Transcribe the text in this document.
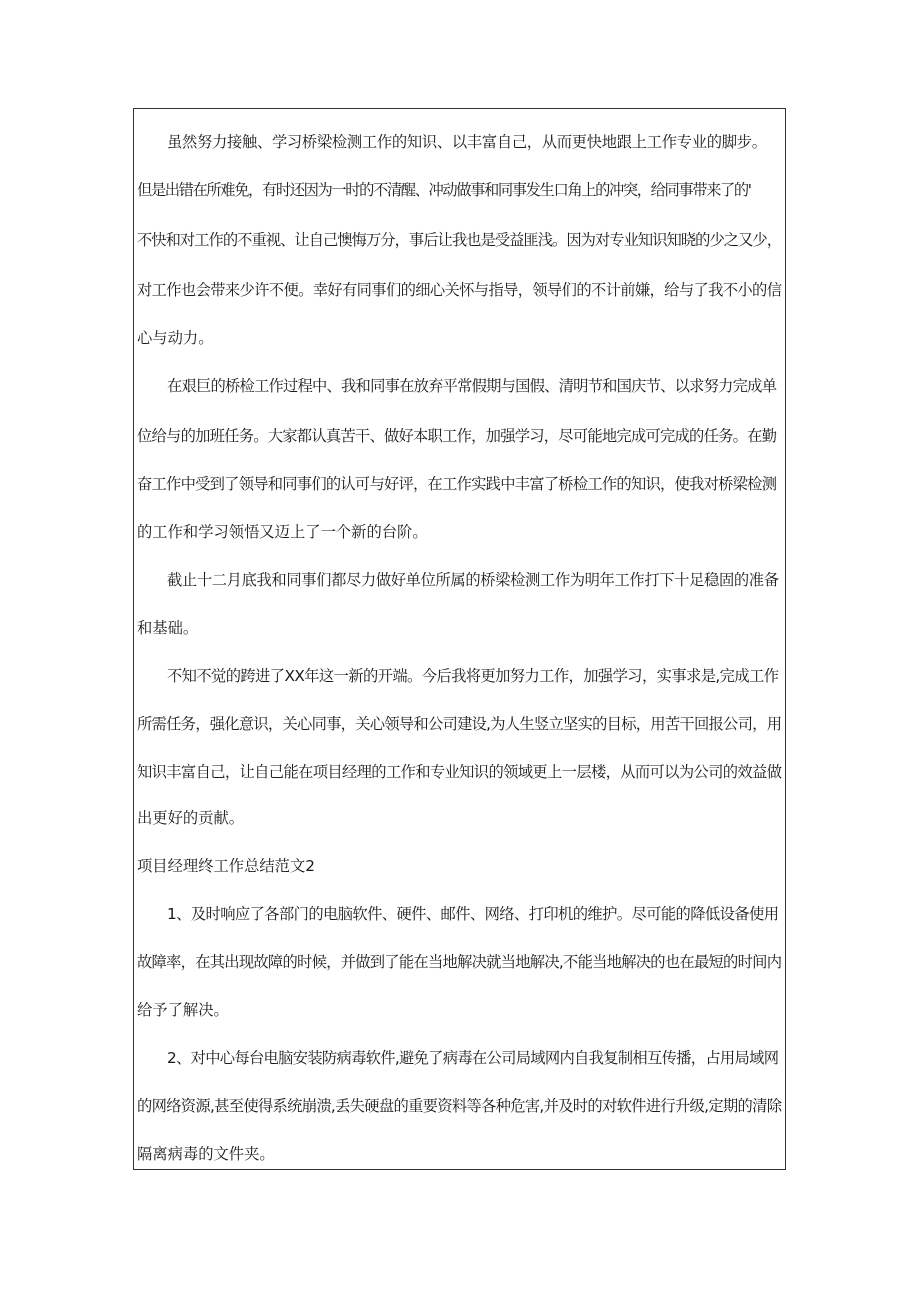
虽然努力接触、学习桥梁检测工作的知识、以丰富自己，从而更快地跟上工作专业的脚步。
但是出错在所难免，有时还因为一时的不清醒、冲动做事和同事发生口角上的冲突，给同事带来了的'
不快和对工作的不重视、让自己懊悔万分，事后让我也是受益匪浅。因为对专业知识知晓的少之又少，
对工作也会带来少许不便。幸好有同事们的细心关怀与指导，领导们的不计前嫌，给与了我不小的信
心与动力。
在艰巨的桥检工作过程中、我和同事在放弃平常假期与国假、清明节和国庆节、以求努力完成单
位给与的加班任务。大家都认真苦干、做好本职工作，加强学习，尽可能地完成可完成的任务。在勤
奋工作中受到了领导和同事们的认可与好评，在工作实践中丰富了桥检工作的知识，使我对桥梁检测
的工作和学习领悟又迈上了一个新的台阶。
截止十二月底我和同事们都尽力做好单位所属的桥梁检测工作为明年工作打下十足稳固的准备
和基础。
不知不觉的跨进了XX年这一新的开端。今后我将更加努力工作，加强学习，实事求是,完成工作
所需任务，强化意识，关心同事，关心领导和公司建设,为人生竖立坚实的目标，用苦干回报公司，用
知识丰富自己，让自己能在项目经理的工作和专业知识的领域更上一层楼，从而可以为公司的效益做
出更好的贡献。
项目经理终工作总结范文2
1、及时响应了各部门的电脑软件、硬件、邮件、网络、打印机的维护。尽可能的降低设备使用
故障率，在其出现故障的时候，并做到了能在当地解决就当地解决,不能当地解决的也在最短的时间内
给予了解决。
2、对中心每台电脑安装防病毒软件,避免了病毒在公司局域网内自我复制相互传播，占用局域网
的网络资源,甚至使得系统崩溃,丢失硬盘的重要资料等各种危害,并及时的对软件进行升级,定期的清除
隔离病毒的文件夹。
